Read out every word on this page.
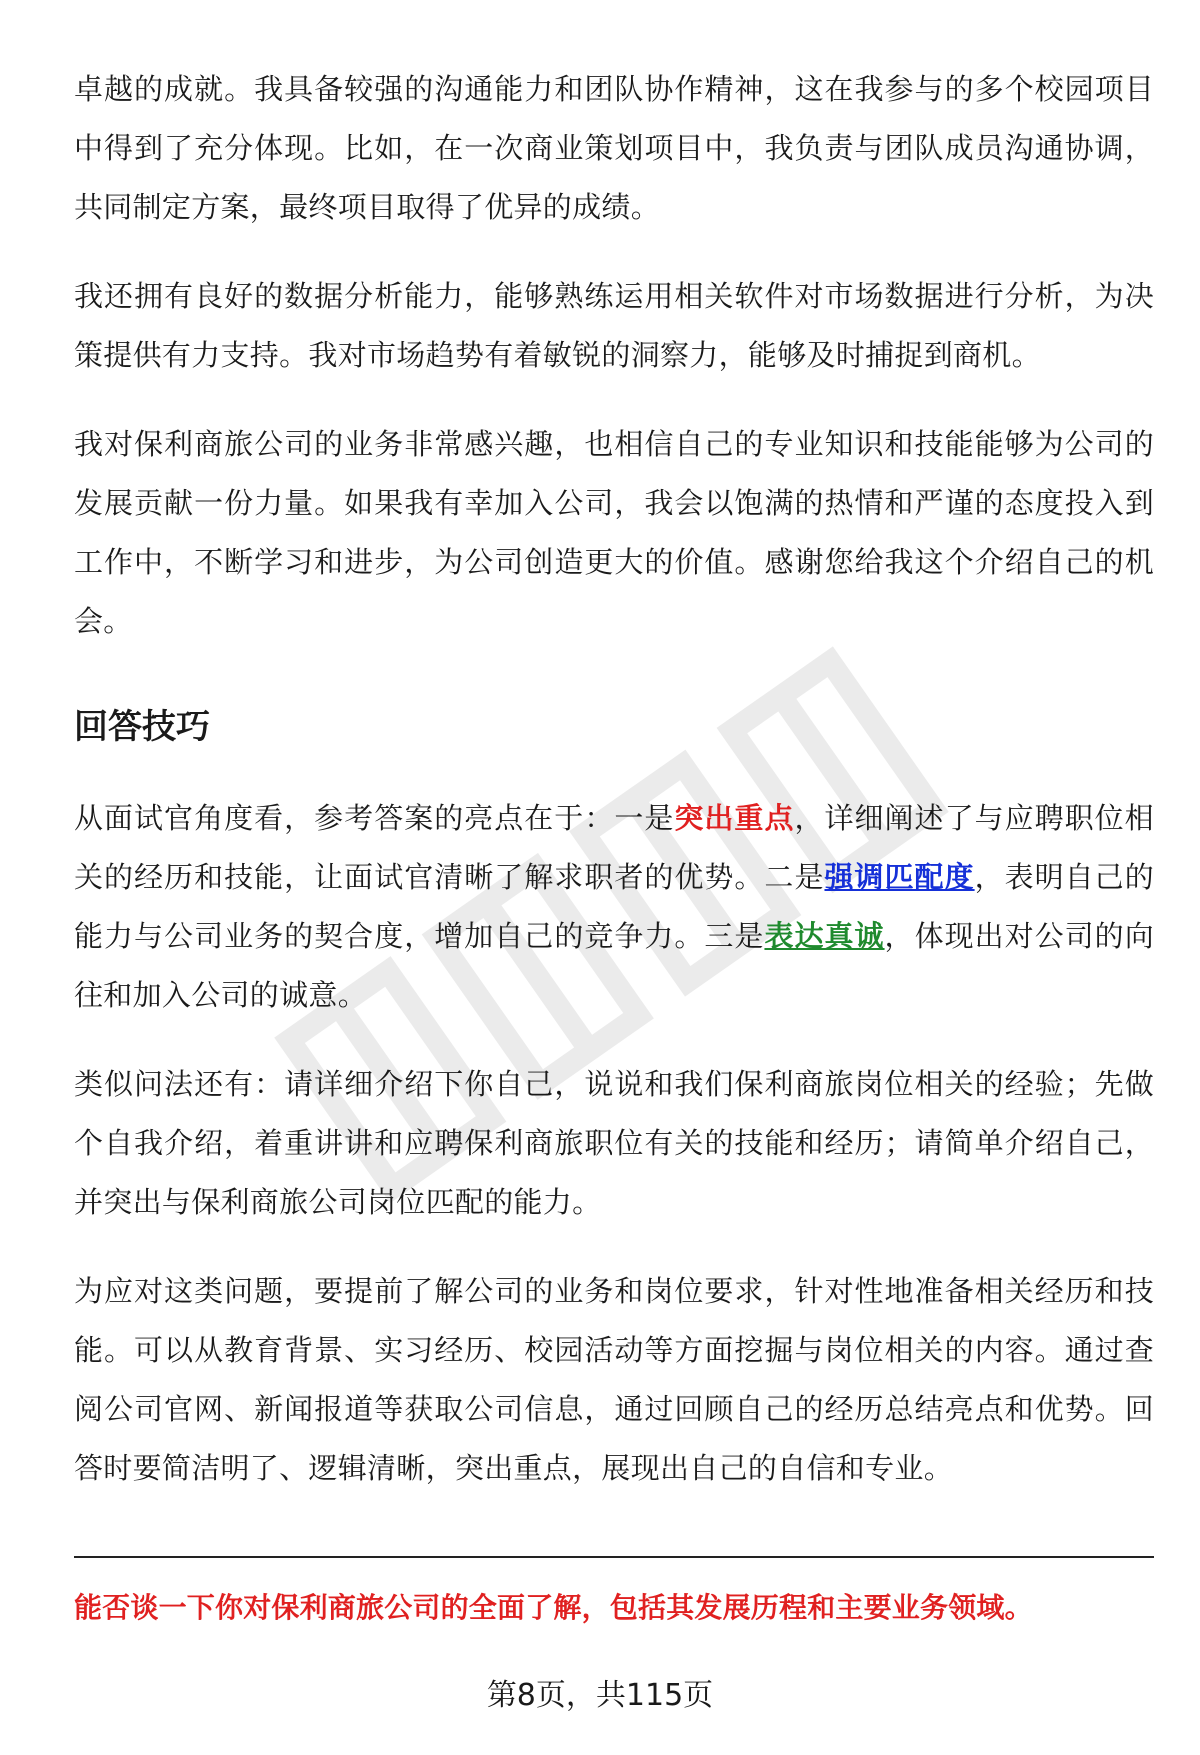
卓越的成就。我具备较强的沟通能力和团队协作精神，这在我参与的多个校园项目中得到了充分体现。比如，在一次商业策划项目中，我负责与团队成员沟通协调，共同制定方案，最终项目取得了优异的成绩。

我还拥有良好的数据分析能力，能够熟练运用相关软件对市场数据进行分析，为决策提供有力支持。我对市场趋势有着敏锐的洞察力，能够及时捕捉到商机。

我对保利商旅公司的业务非常感兴趣，也相信自己的专业知识和技能能够为公司的发展贡献一份力量。如果我有幸加入公司，我会以饱满的热情和严谨的态度投入到工作中，不断学习和进步，为公司创造更大的价值。感谢您给我这个介绍自己的机会。

回答技巧

从面试官角度看，参考答案的亮点在于：一是突出重点，详细阐述了与应聘职位相关的经历和技能，让面试官清晰了解求职者的优势。二是强调匹配度，表明自己的能力与公司业务的契合度，增加自己的竞争力。三是表达真诚，体现出对公司的向往和加入公司的诚意。

类似问法还有：请详细介绍下你自己，说说和我们保利商旅岗位相关的经验；先做个自我介绍，着重讲讲和应聘保利商旅职位有关的技能和经历；请简单介绍自己，并突出与保利商旅公司岗位匹配的能力。

为应对这类问题，要提前了解公司的业务和岗位要求，针对性地准备相关经历和技能。可以从教育背景、实习经历、校园活动等方面挖掘与岗位相关的内容。通过查阅公司官网、新闻报道等获取公司信息，通过回顾自己的经历总结亮点和优势。回答时要简洁明了、逻辑清晰，突出重点，展现出自己的自信和专业。

能否谈一下你对保利商旅公司的全面了解，包括其发展历程和主要业务领域。
第8页，共115页
